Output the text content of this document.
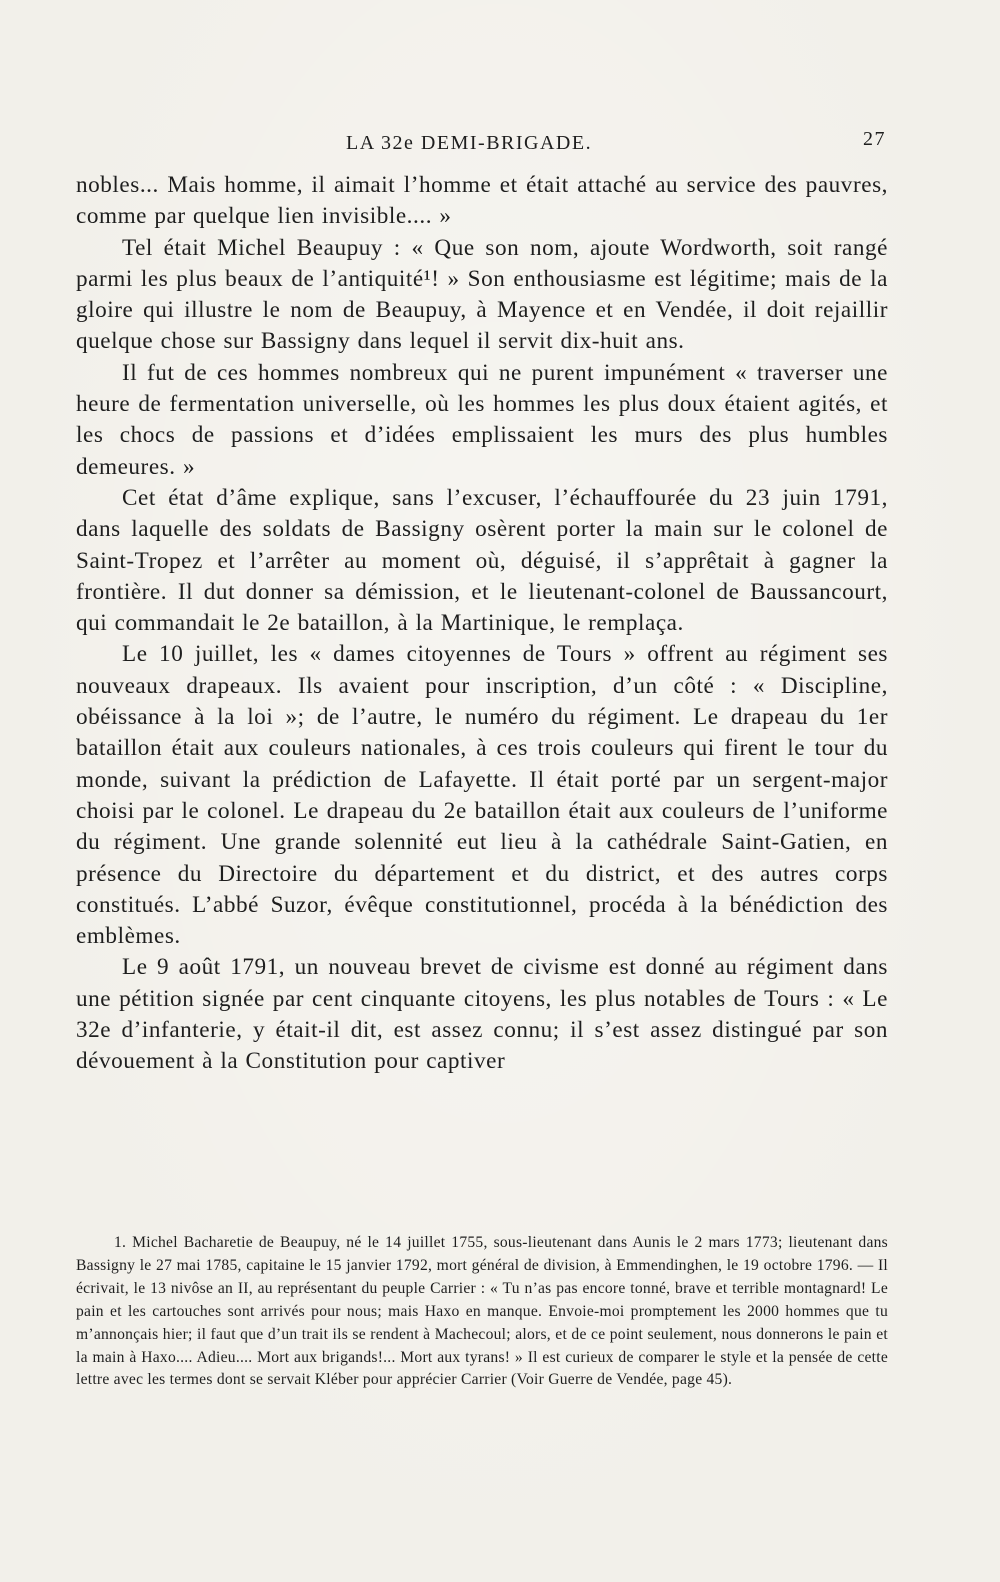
LA 32e DEMI-BRIGADE.	27

nobles... Mais homme, il aimait l’homme et était attaché au service des pauvres, comme par quelque lien invisible.... »

Tel était Michel Beaupuy : « Que son nom, ajoute Wordworth, soit rangé parmi les plus beaux de l’antiquité¹! » Son enthousiasme est légitime; mais de la gloire qui illustre le nom de Beaupuy, à Mayence et en Vendée, il doit rejaillir quelque chose sur Bassigny dans lequel il servit dix-huit ans.

Il fut de ces hommes nombreux qui ne purent impunément « traverser une heure de fermentation universelle, où les hommes les plus doux étaient agités, et les chocs de passions et d’idées emplissaient les murs des plus humbles demeures. »

Cet état d’âme explique, sans l’excuser, l’échauffourée du 23 juin 1791, dans laquelle des soldats de Bassigny osèrent porter la main sur le colonel de Saint-Tropez et l’arrêter au moment où, déguisé, il s’apprêtait à gagner la frontière. Il dut donner sa démission, et le lieutenant-colonel de Baussancourt, qui commandait le 2e bataillon, à la Martinique, le remplaça.

Le 10 juillet, les « dames citoyennes de Tours » offrent au régiment ses nouveaux drapeaux. Ils avaient pour inscription, d’un côté : « Discipline, obéissance à la loi »; de l’autre, le numéro du régiment. Le drapeau du 1er bataillon était aux couleurs nationales, à ces trois couleurs qui firent le tour du monde, suivant la prédiction de Lafayette. Il était porté par un sergent-major choisi par le colonel. Le drapeau du 2e bataillon était aux couleurs de l’uniforme du régiment. Une grande solennité eut lieu à la cathédrale Saint-Gatien, en présence du Directoire du département et du district, et des autres corps constitués. L’abbé Suzor, évêque constitutionnel, procéda à la bénédiction des emblèmes.

Le 9 août 1791, un nouveau brevet de civisme est donné au régiment dans une pétition signée par cent cinquante citoyens, les plus notables de Tours : « Le 32e d’infanterie, y était-il dit, est assez connu; il s’est assez distingué par son dévouement à la Constitution pour captiver

1. Michel Bacharetie de Beaupuy, né le 14 juillet 1755, sous-lieutenant dans Aunis le 2 mars 1773; lieutenant dans Bassigny le 27 mai 1785, capitaine le 15 janvier 1792, mort général de division, à Emmendinghen, le 19 octobre 1796. — Il écrivait, le 13 nivôse an II, au représentant du peuple Carrier : « Tu n’as pas encore tonné, brave et terrible montagnard! Le pain et les cartouches sont arrivés pour nous; mais Haxo en manque. Envoie-moi promptement les 2000 hommes que tu m’annonçais hier; il faut que d’un trait ils se rendent à Machecoul; alors, et de ce point seulement, nous donnerons le pain et la main à Haxo.... Adieu.... Mort aux brigands!... Mort aux tyrans! » Il est curieux de comparer le style et la pensée de cette lettre avec les termes dont se servait Kléber pour apprécier Carrier (Voir Guerre de Vendée, page 45).
